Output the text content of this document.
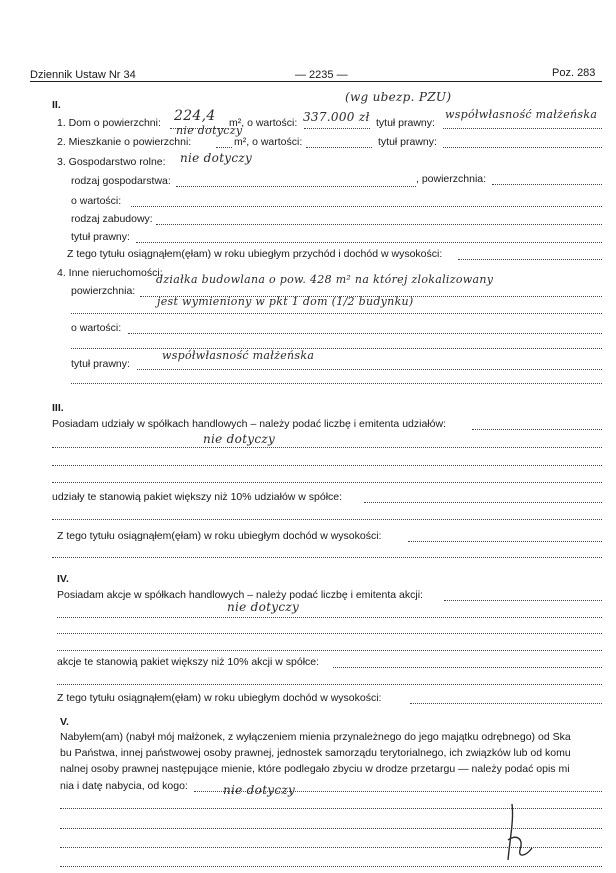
Dziennik Ustaw Nr 34	— 2235 —	Poz. 283
II.
(wg ubezp. PZU)
1. Dom o powierzchni: 224,4 m², o wartości: 337.000 zł tytuł prawny:
współwłasność małżeńska
2. Mieszkanie o powierzchni:
nie dotyczy
m², o wartości:	tytuł prawny:
3. Gospodarstwo rolne: nie dotyczy
rodzaj gospodarstwa:	, powierzchnia:
o wartości:
rodzaj zabudowy:
tytuł prawny:
Z tego tytułu osiągnąłem(ęłam) w roku ubiegłym przychód i dochód w wysokości:
4. Inne nieruchomości:
powierzchnia:
działka budowlana o pow. 428 m² na której zlokalizowany
jest wymieniony w pkt 1 dom (1/2 budynku)
o wartości:
tytuł prawny:
współwłasność małżeńska
III.
Posiadam udziały w spółkach handlowych – należy podać liczbę i emitenta udziałów:
nie dotyczy
udziały te stanowią pakiet większy niż 10% udziałów w spółce:
Z tego tytułu osiągnąłem(ęłam) w roku ubiegłym dochód w wysokości:
IV.
Posiadam akcje w spółkach handlowych – należy podać liczbę i emitenta akcji:
nie dotyczy
akcje te stanowią pakiet większy niż 10% akcji w spółce:
Z tego tytułu osiągnąłem(ęłam) w roku ubiegłym dochód w wysokości:
V.
Nabyłem(am) (nabył mój małżonek, z wyłączeniem mienia przynależnego do jego majątku odrębnego) od Ska
bu Państwa, innej państwowej osoby prawnej, jednostek samorządu terytorialnego, ich związków lub od komu
nalnej osoby prawnej następujące mienie, które podlegało zbyciu w drodze przetargu — należy podać opis mi
nia i datę nabycia, od kogo:	nie dotyczy
